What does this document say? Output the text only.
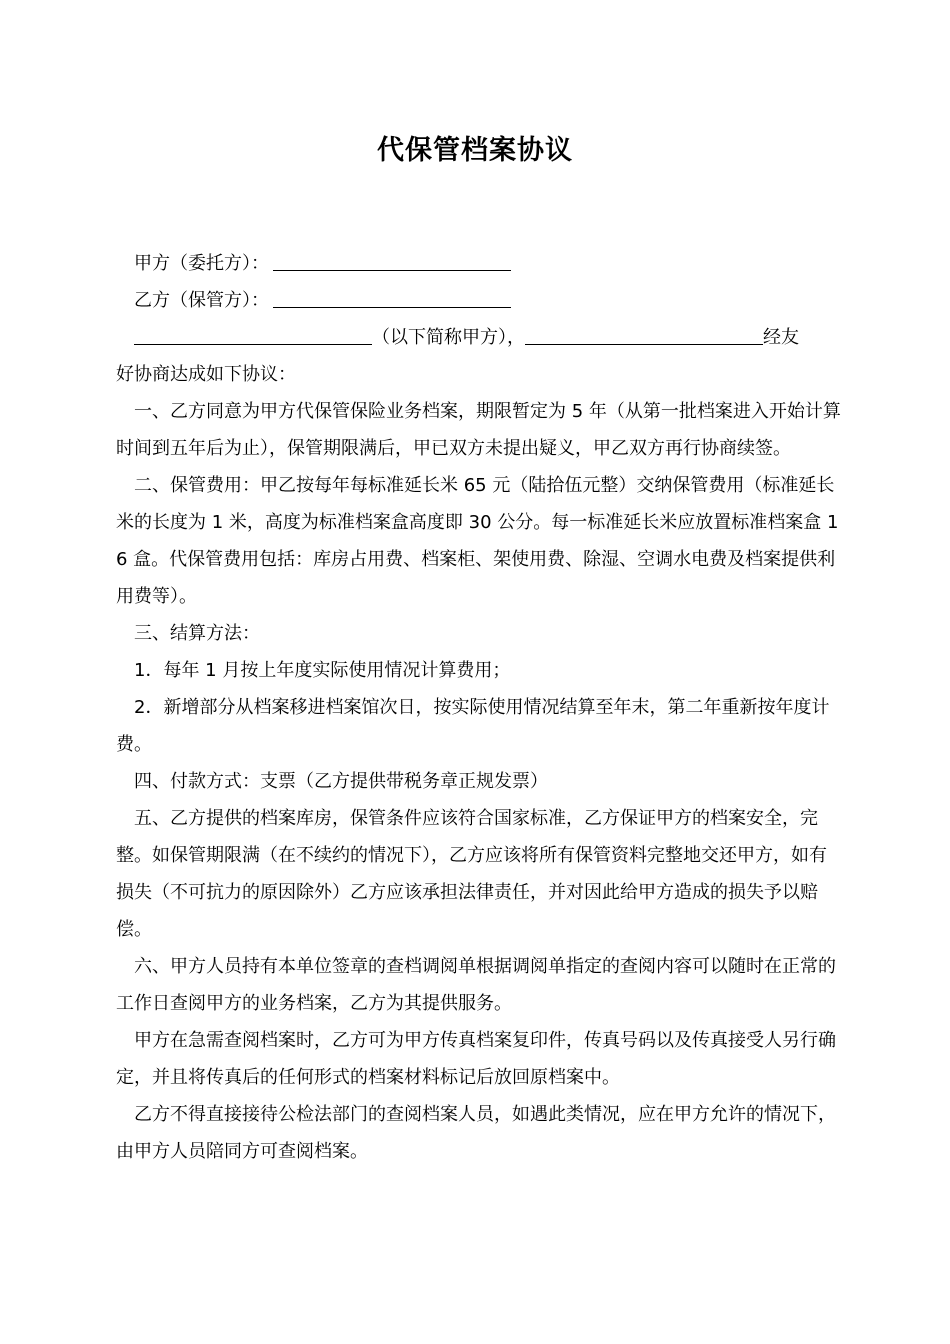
代保管档案协议
甲方（委托方）：
乙方（保管方）：
（以下简称甲方），	经友
好协商达成如下协议：

一、乙方同意为甲方代保管保险业务档案，期限暂定为 5 年（从第一批档案进入开始计算时间到五年后为止），保管期限满后，甲已双方未提出疑义，甲乙双方再行协商续签。

二、保管费用：甲乙按每年每标准延长米 65 元（陆拾伍元整）交纳保管费用（标准延长米的长度为 1 米，高度为标准档案盒高度即 30 公分。每一标准延长米应放置标准档案盒 16 盒。代保管费用包括：库房占用费、档案柜、架使用费、除湿、空调水电费及档案提供利用费等）。

三、结算方法：

1．每年 1 月按上年度实际使用情况计算费用；

2．新增部分从档案移进档案馆次日，按实际使用情况结算至年末，第二年重新按年度计费。

四、付款方式：支票（乙方提供带税务章正规发票）

五、乙方提供的档案库房，保管条件应该符合国家标准，乙方保证甲方的档案安全，完整。如保管期限满（在不续约的情况下），乙方应该将所有保管资料完整地交还甲方，如有损失（不可抗力的原因除外）乙方应该承担法律责任，并对因此给甲方造成的损失予以赔偿。

六、甲方人员持有本单位签章的查档调阅单根据调阅单指定的查阅内容可以随时在正常的工作日查阅甲方的业务档案，乙方为其提供服务。

甲方在急需查阅档案时，乙方可为甲方传真档案复印件，传真号码以及传真接受人另行确定，并且将传真后的任何形式的档案材料标记后放回原档案中。

乙方不得直接接待公检法部门的查阅档案人员，如遇此类情况，应在甲方允许的情况下，由甲方人员陪同方可查阅档案。
